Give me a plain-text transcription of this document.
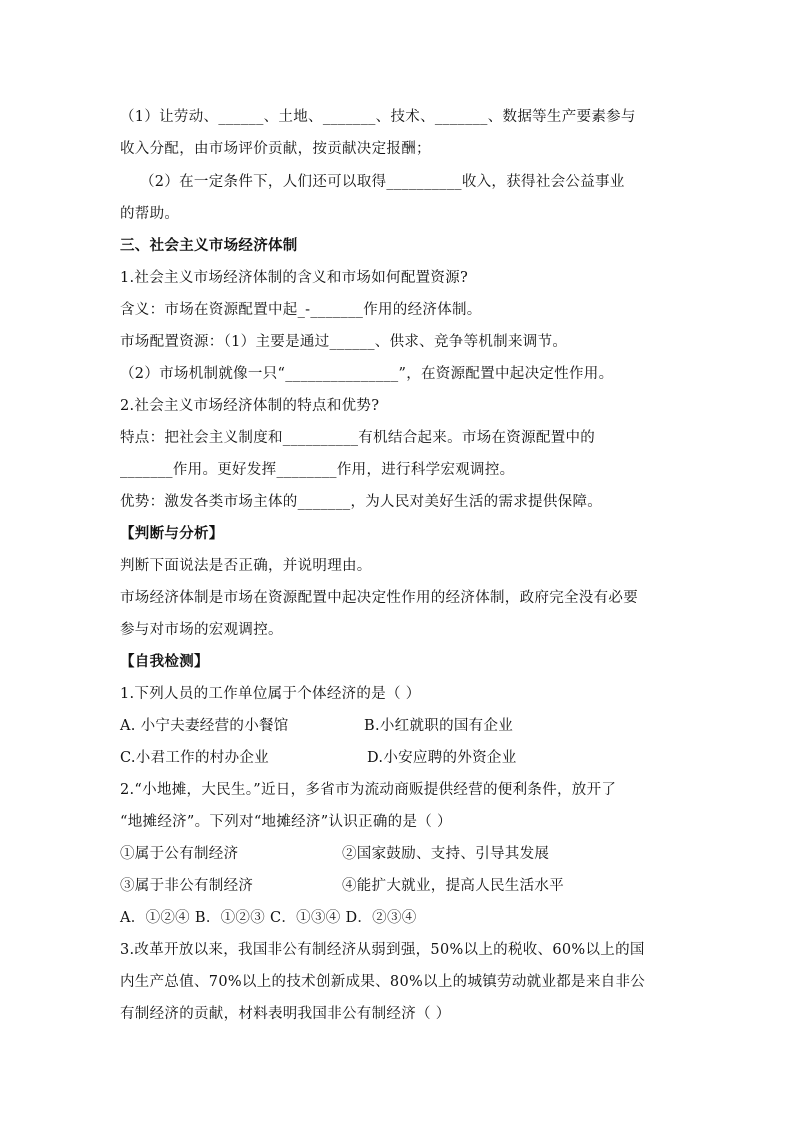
（1）让劳动、______、土地、_______、技术、_______、数据等生产要素参与
收入分配，由市场评价贡献，按贡献决定报酬；
（2）在一定条件下，人们还可以取得__________收入，获得社会公益事业
的帮助。
三、社会主义市场经济体制
1.社会主义市场经济体制的含义和市场如何配置资源?
含义：市场在资源配置中起_-_______作用的经济体制。
市场配置资源：（1）主要是通过______、供求、竞争等机制来调节。
（2）市场机制就像一只“_______________”，在资源配置中起决定性作用。
2.社会主义市场经济体制的特点和优势?
特点：把社会主义制度和__________有机结合起来。市场在资源配置中的
_______作用。更好发挥________作用，进行科学宏观调控。
优势：激发各类市场主体的_______，为人民对美好生活的需求提供保障。
【判断与分析】
判断下面说法是否正确，并说明理由。
市场经济体制是市场在资源配置中起决定性作用的经济体制，政府完全没有必要
参与对市场的宏观调控。
【自我检测】
1.下列人员的工作单位属于个体经济的是（ ）
A. 小宁夫妻经营的小餐馆	B.小红就职的国有企业
C.小君工作的村办企业	D.小安应聘的外资企业
2.“小地摊，大民生。”近日，多省市为流动商贩提供经营的便利条件，放开了
“地摊经济”。下列对“地摊经济”认识正确的是（ ）
①属于公有制经济	②国家鼓励、支持、引导其发展
③属于非公有制经济	④能扩大就业，提高人民生活水平
A．①②④ B．①②③ C．①③④ D．②③④
3.改革开放以来，我国非公有制经济从弱到强，50%以上的税收、60%以上的国
内生产总值、70%以上的技术创新成果、80%以上的城镇劳动就业都是来自非公
有制经济的贡献，材料表明我国非公有制经济（ ）
